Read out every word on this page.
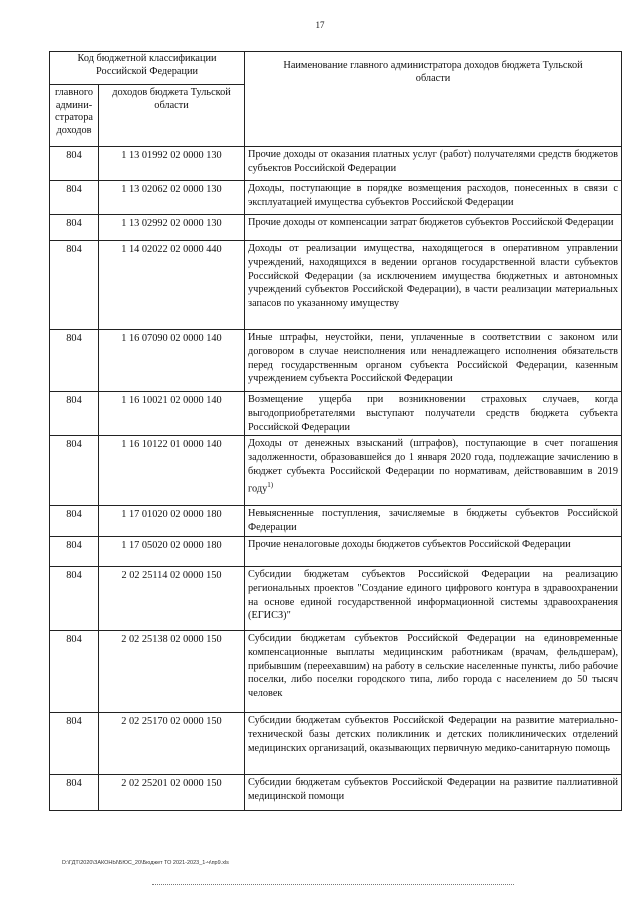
17
Код бюджетной классификации Российской Федерации		Наименование главного администратора доходов бюджета Тульской области
главного админи-стратора доходов	доходов бюджета Тульской области	
804	1 13 01992 02 0000 130	Прочие доходы от оказания платных услуг (работ) получателями средств бюджетов субъектов Российской Федерации
804	1 13 02062 02 0000 130	Доходы, поступающие в порядке возмещения расходов, понесенных в связи с эксплуатацией имущества субъектов Российской Федерации
804	1 13 02992 02 0000 130	Прочие доходы от компенсации затрат бюджетов субъектов Российской Федерации
804	1 14 02022 02 0000 440	Доходы от реализации имущества, находящегося в оперативном управлении учреждений, находящихся в ведении органов государственной власти субъектов Российской Федерации (за исключением имущества бюджетных и автономных учреждений субъектов Российской Федерации), в части реализации материальных запасов по указанному имуществу
804	1 16 07090 02 0000 140	Иные штрафы, неустойки, пени, уплаченные в соответствии с законом или договором в случае неисполнения или ненадлежащего исполнения обязательств перед государственным органом субъекта Российской Федерации, казенным учреждением субъекта Российской Федерации
804	1 16 10021 02 0000 140	Возмещение ущерба при возникновении страховых случаев, когда выгодоприобретателями выступают получатели средств бюджета субъекта Российской Федерации
804	1 16 10122 01 0000 140	Доходы от денежных взысканий (штрафов), поступающие в счет погашения задолженности, образовавшейся до 1 января 2020 года, подлежащие зачислению в бюджет субъекта Российской Федерации по нормативам, действовавшим в 2019 году$^{1)}$
804	1 17 01020 02 0000 180	Невыясненные поступления, зачисляемые в бюджеты субъектов Российской Федерации
804	1 17 05020 02 0000 180	Прочие неналоговые доходы бюджетов субъектов Российской Федерации
804	2 02 25114 02 0000 150	Субсидии бюджетам субъектов Российской Федерации на реализацию региональных проектов "Создание единого цифрового контура в здравоохранении на основе единой государственной информационной системы здравоохранения (ЕГИСЗ)"
804	2 02 25138 02 0000 150	Субсидии бюджетам субъектов Российской Федерации на единовременные компенсационные выплаты медицинским работникам (врачам, фельдшерам), прибывшим (переехавшим) на работу в сельские населенные пункты, либо рабочие поселки, либо поселки городского типа, либо города с населением до 50 тысяч человек
804	2 02 25170 02 0000 150	Субсидии бюджетам субъектов Российской Федерации на развитие материально-технической базы детских поликлиник и детских поликлинических отделений медицинских организаций, оказывающих первичную медико-санитарную помощь
804	2 02 25201 02 0000 150	Субсидии бюджетам субъектов Российской Федерации на развитие паллиативной медицинской помощи
D:\ГДТ\2020\ЗАКОНЫ\БЮС_20\Бюджет ТО 2021-2023_1-ч\пр9.xls
